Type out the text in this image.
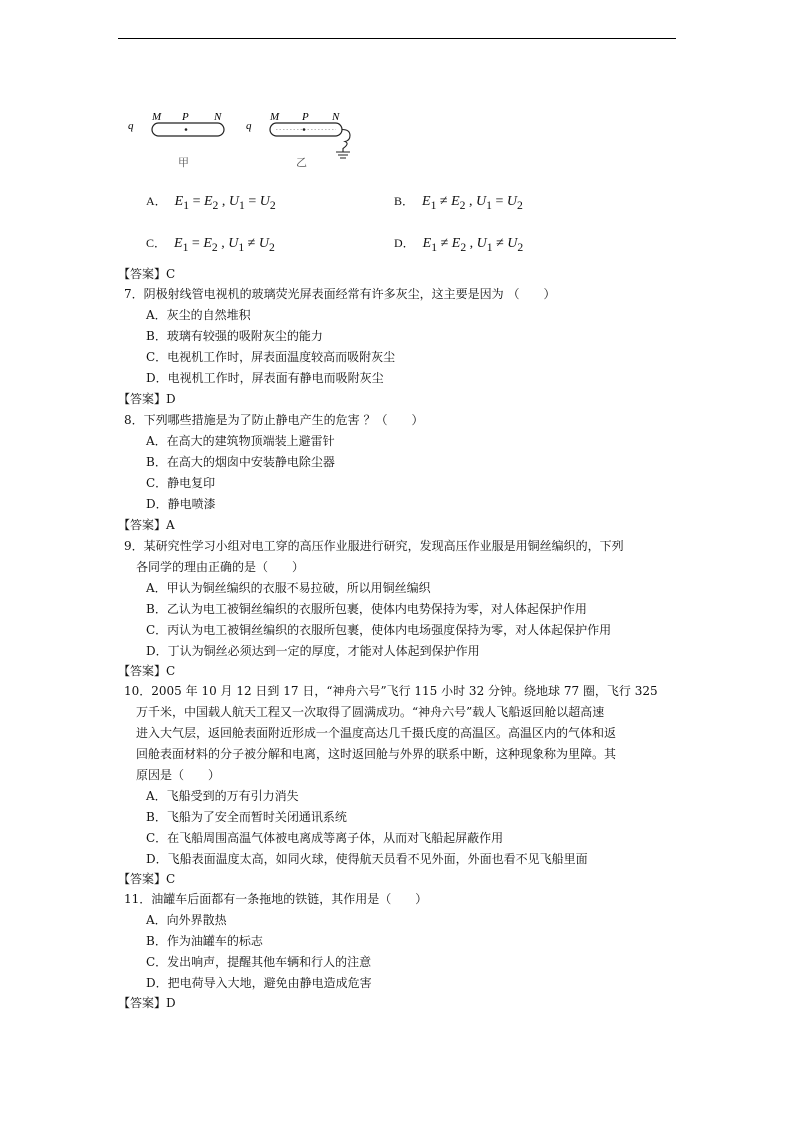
q
M P N
甲
q
M P N
乙
A． $E_1 = E_2$ , $U_1 = U_2$	B． $E_1 \ne E_2$ , $U_1 = U_2$
C． $E_1 = E_2$ , $U_1 \ne U_2$	D． $E_1 \ne E_2$ , $U_1 \ne U_2$
【答案】C
7．阴极射线管电视机的玻璃荧光屏表面经常有许多灰尘，这主要是因为 （　　）
A．灰尘的自然堆积
B．玻璃有较强的吸附灰尘的能力
C．电视机工作时，屏表面温度较高而吸附灰尘
D．电视机工作时，屏表面有静电而吸附灰尘
【答案】D
8．下列哪些措施是为了防止静电产生的危害 ？（　　）
A．在高大的建筑物顶端装上避雷针
B．在高大的烟囱中安装静电除尘器
C．静电复印
D．静电喷漆
【答案】A
9．某研究性学习小组对电工穿的高压作业服进行研究，发现高压作业服是用铜丝编织的，下列
各同学的理由正确的是（　　）
A．甲认为铜丝编织的衣服不易拉破，所以用铜丝编织
B．乙认为电工被铜丝编织的衣服所包裹，使体内电势保持为零，对人体起保护作用
C．丙认为电工被铜丝编织的衣服所包裹，使体内电场强度保持为零，对人体起保护作用
D．丁认为铜丝必须达到一定的厚度，才能对人体起到保护作用
【答案】C
10．2005 年 10 月 12 日到 17 日，“神舟六号”飞行 115 小时 32 分钟。绕地球 77 圈，飞行 325
万千米，中国载人航天工程又一次取得了圆满成功。“神舟六号”载人飞船返回舱以超高速
进入大气层，返回舱表面附近形成一个温度高达几千摄氏度的高温区。高温区内的气体和返
回舱表面材料的分子被分解和电离，这时返回舱与外界的联系中断，这种现象称为里障。其
原因是（　　）
A．飞船受到的万有引力消失
B．飞船为了安全而暂时关闭通讯系统
C．在飞船周围高温气体被电离成等离子体，从而对飞船起屏蔽作用
D．飞船表面温度太高，如同火球，使得航天员看不见外面，外面也看不见飞船里面
【答案】C
11．油罐车后面都有一条拖地的铁链，其作用是（　　）
A．向外界散热
B．作为油罐车的标志
C．发出响声，提醒其他车辆和行人的注意
D．把电荷导入大地，避免由静电造成危害
【答案】D
